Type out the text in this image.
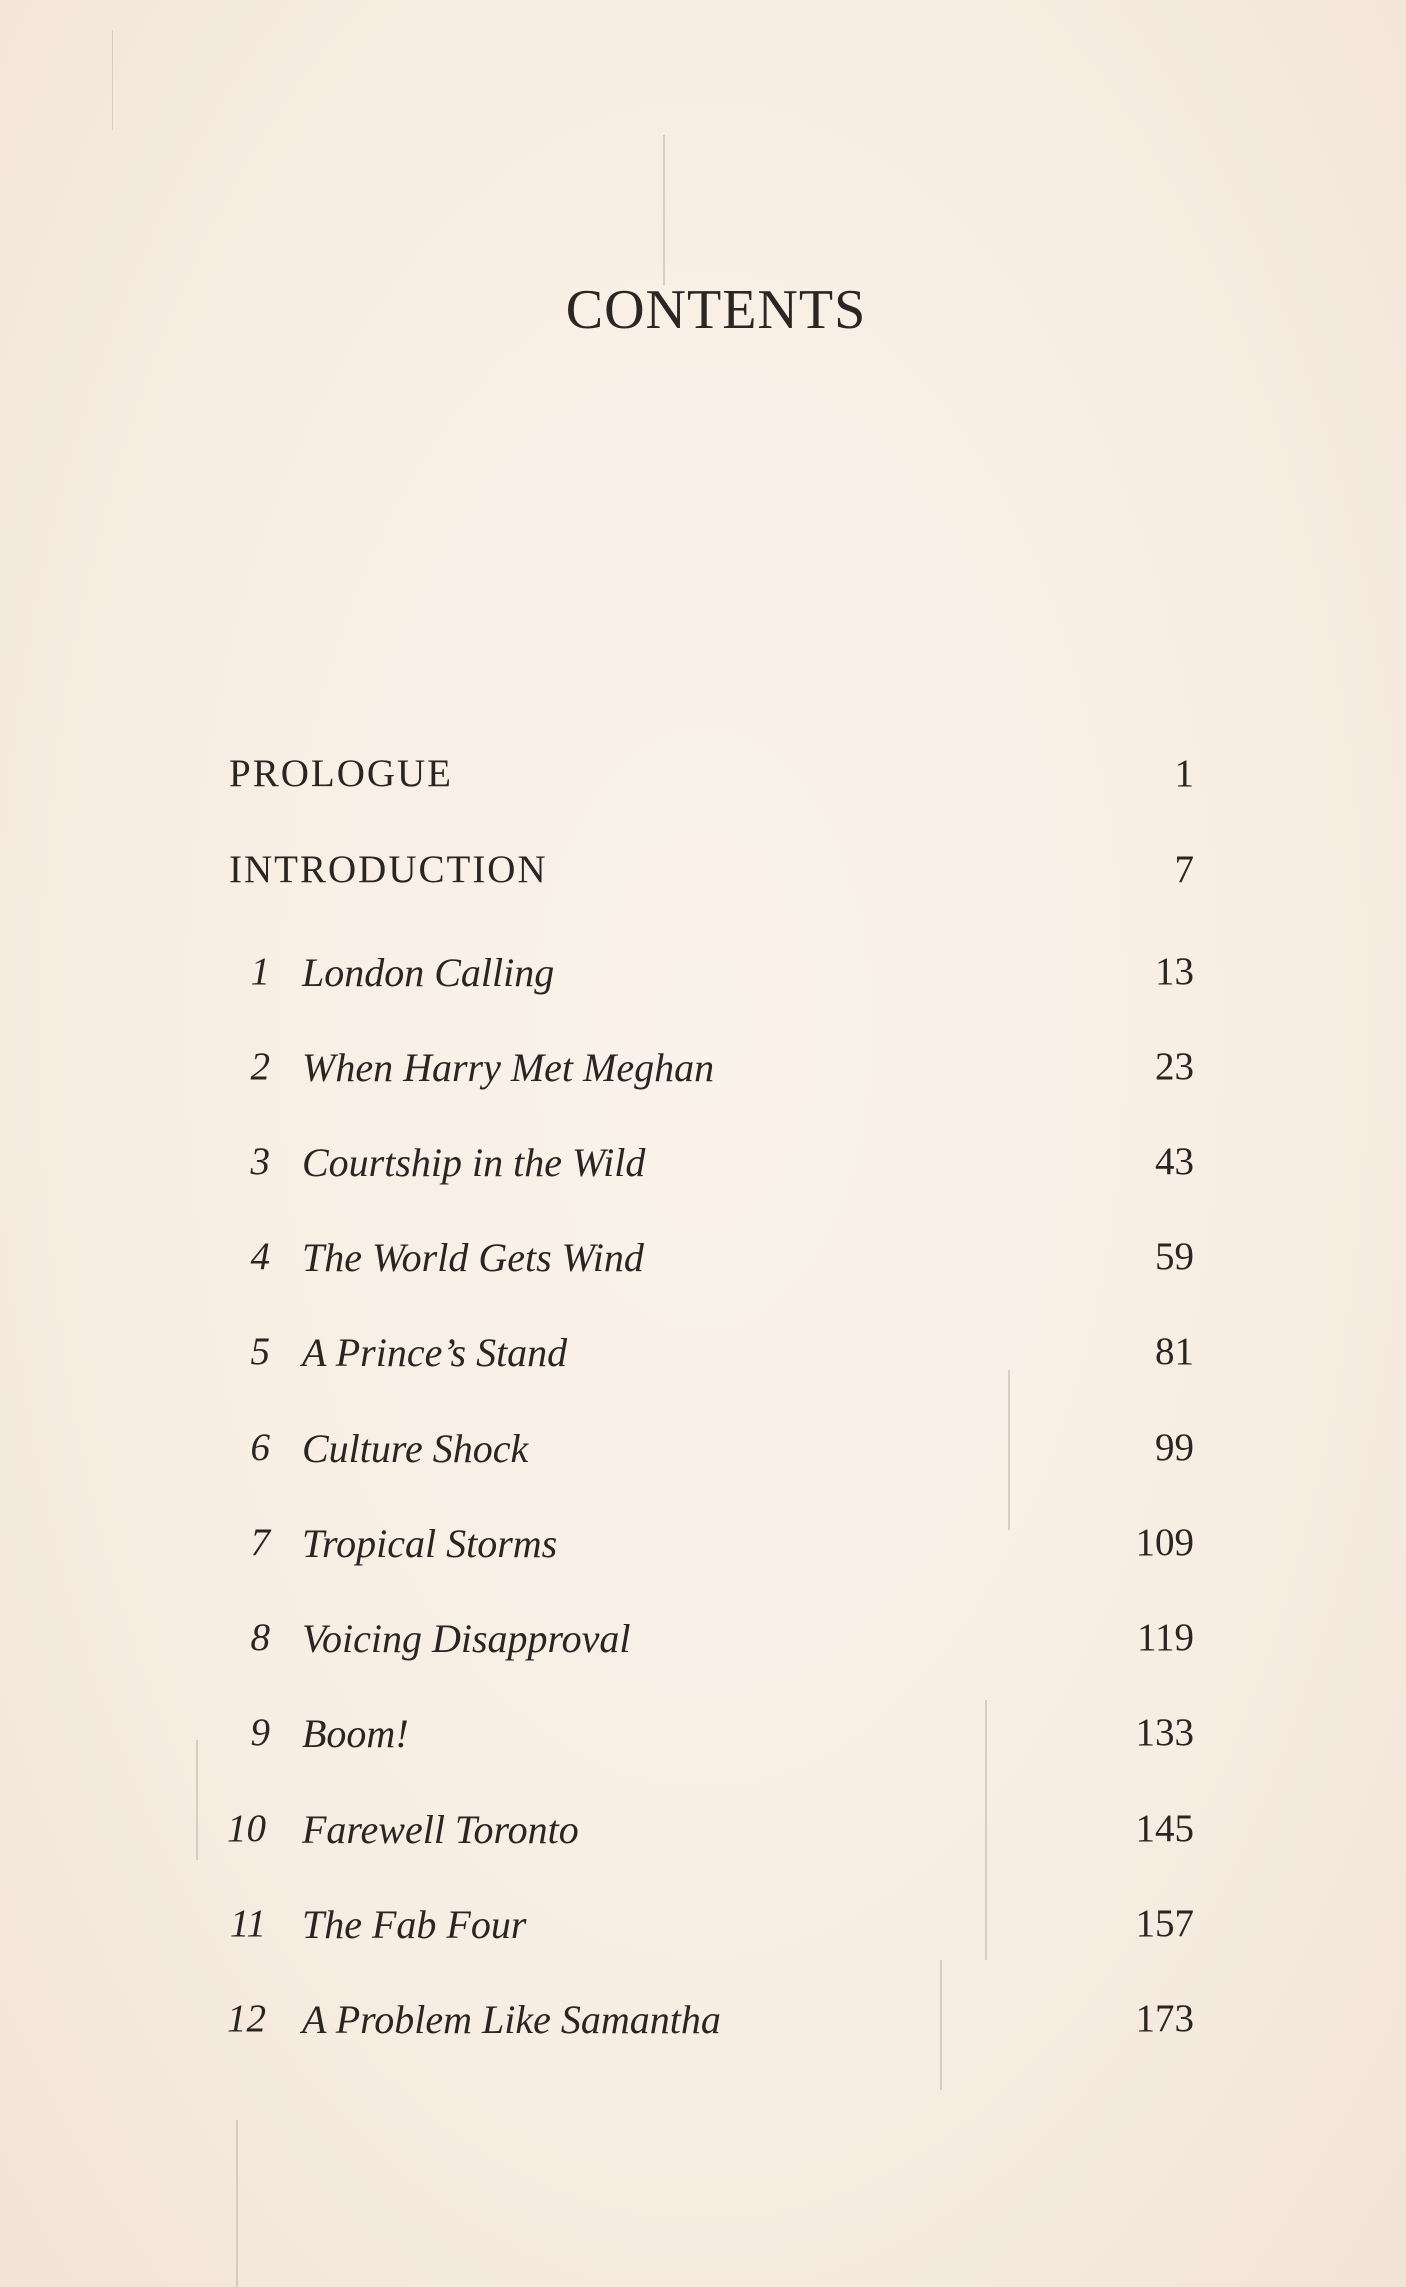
CONTENTS
PROLOGUE	1
INTRODUCTION	7
1 London Calling	13
2 When Harry Met Meghan	23
3 Courtship in the Wild	43
4 The World Gets Wind	59
5 A Prince’s Stand	81
6 Culture Shock	99
7 Tropical Storms	109
8 Voicing Disapproval	119
9 Boom!	133
10 Farewell Toronto	145
11 The Fab Four	157
12 A Problem Like Samantha	173
